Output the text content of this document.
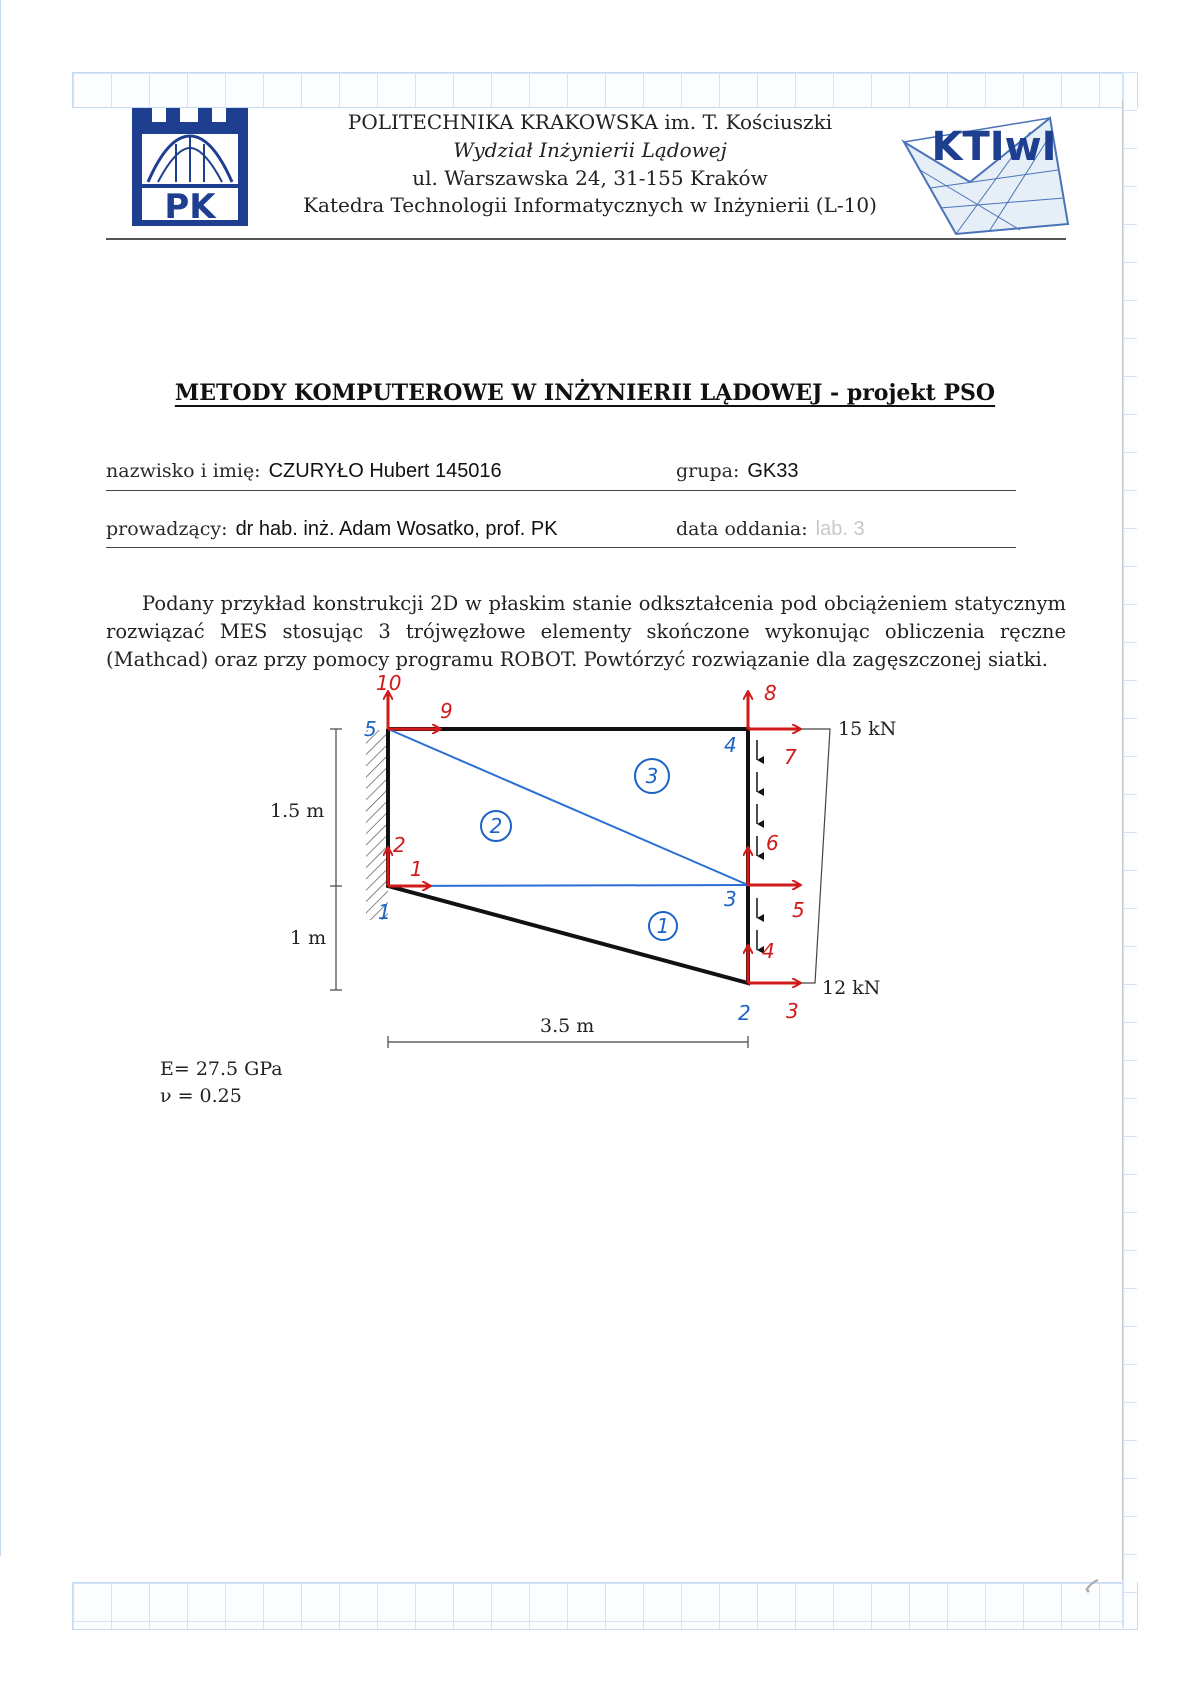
PK
POLITECHNIKA KRAKOWSKA im. T. Kościuszki
Wydział Inżynierii Lądowej
ul. Warszawska 24, 31-155 Kraków
Katedra Technologii Informatycznych w Inżynierii (L-10)
KTIwI
METODY KOMPUTEROWE W INŻYNIERII LĄDOWEJ - projekt PSO
nazwisko i imię: CZURYŁO Hubert 145016	grupa: GK33
prowadzący: dr hab. inż. Adam Wosatko, prof. PK	data oddania: lab. 3

Podany przykład konstrukcji 2D w płaskim stanie odkształcenia pod obciążeniem statycznym rozwiązać MES stosując 3 trójwęzłowe elementy skończone wykonując obliczenia ręczne (Mathcad) oraz przy pomocy programu ROBOT. Powtórzyć rozwiązanie dla zagęszczonej siatki.

15 kN
12 kN
1.5 m
1 m
3.5 m
1
2
3
4
5
6
7
8
9
10
1
2
3
4
5
1
2
3
E= 27.5 GPa
ν = 0.25
